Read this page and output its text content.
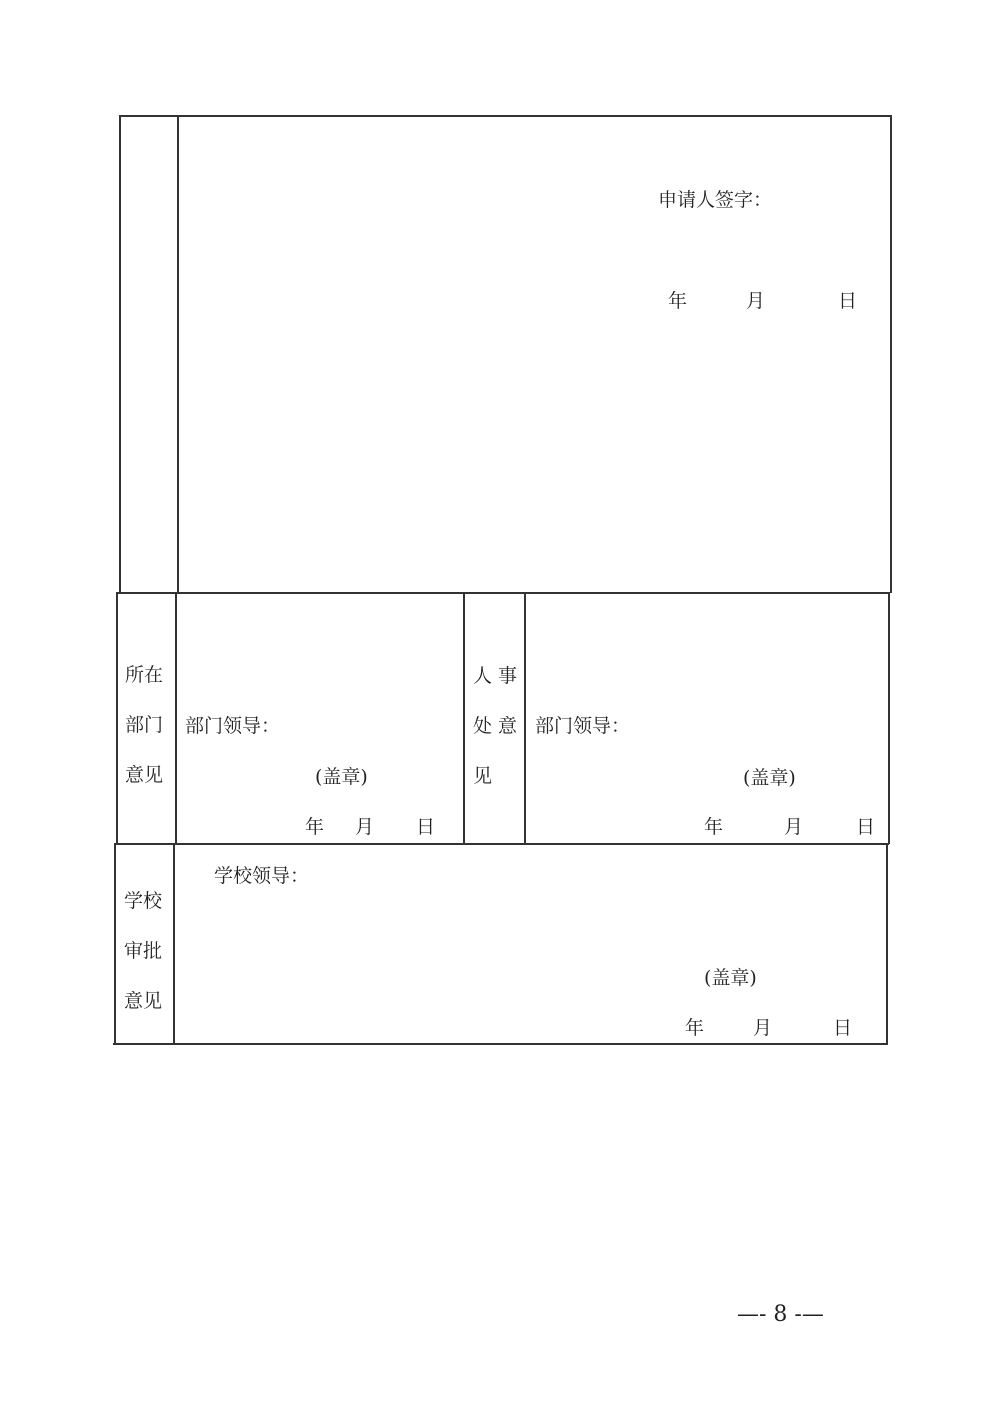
申请人签字：
年	月	日
所在
部门
意见
部门领导：
(盖章)
年 月 日
人 事
处 意
见
部门领导：
(盖章)
年	月	日
学校
审批
意见
学校领导：
(盖章)
年	月	日
—- 8 -—
